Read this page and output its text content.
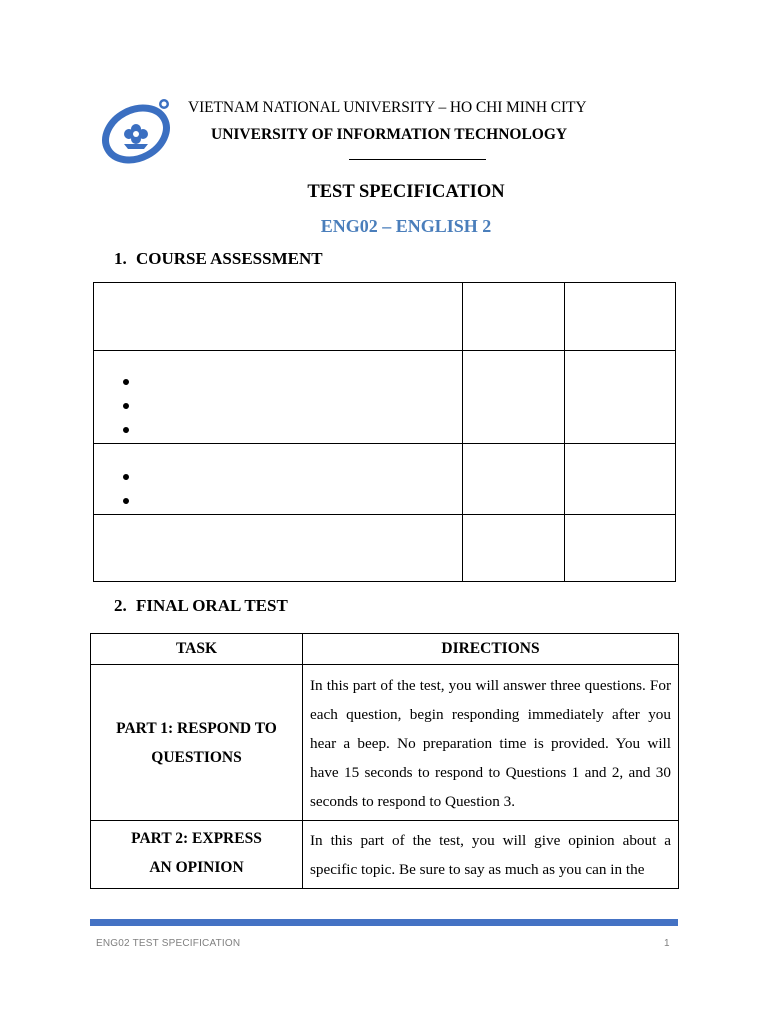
VIETNAM NATIONAL UNIVERSITY – HO CHI MINH CITY
UNIVERSITY OF INFORMATION TECHNOLOGY
TEST SPECIFICATION
ENG02 – ENGLISH 2
1. COURSE ASSESSMENT

2. FINAL ORAL TEST
TASK	DIRECTIONS

PART 1: RESPOND TO QUESTIONS	In this part of the test, you will answer three questions. For each question, begin responding immediately after you hear a beep. No preparation time is provided. You will have 15 seconds to respond to Questions 1 and 2, and 30 seconds to respond to Question 3.

PART 2: EXPRESS AN OPINION	In this part of the test, you will give opinion about a specific topic. Be sure to say as much as you can in the
ENG02 TEST SPECIFICATION	1
